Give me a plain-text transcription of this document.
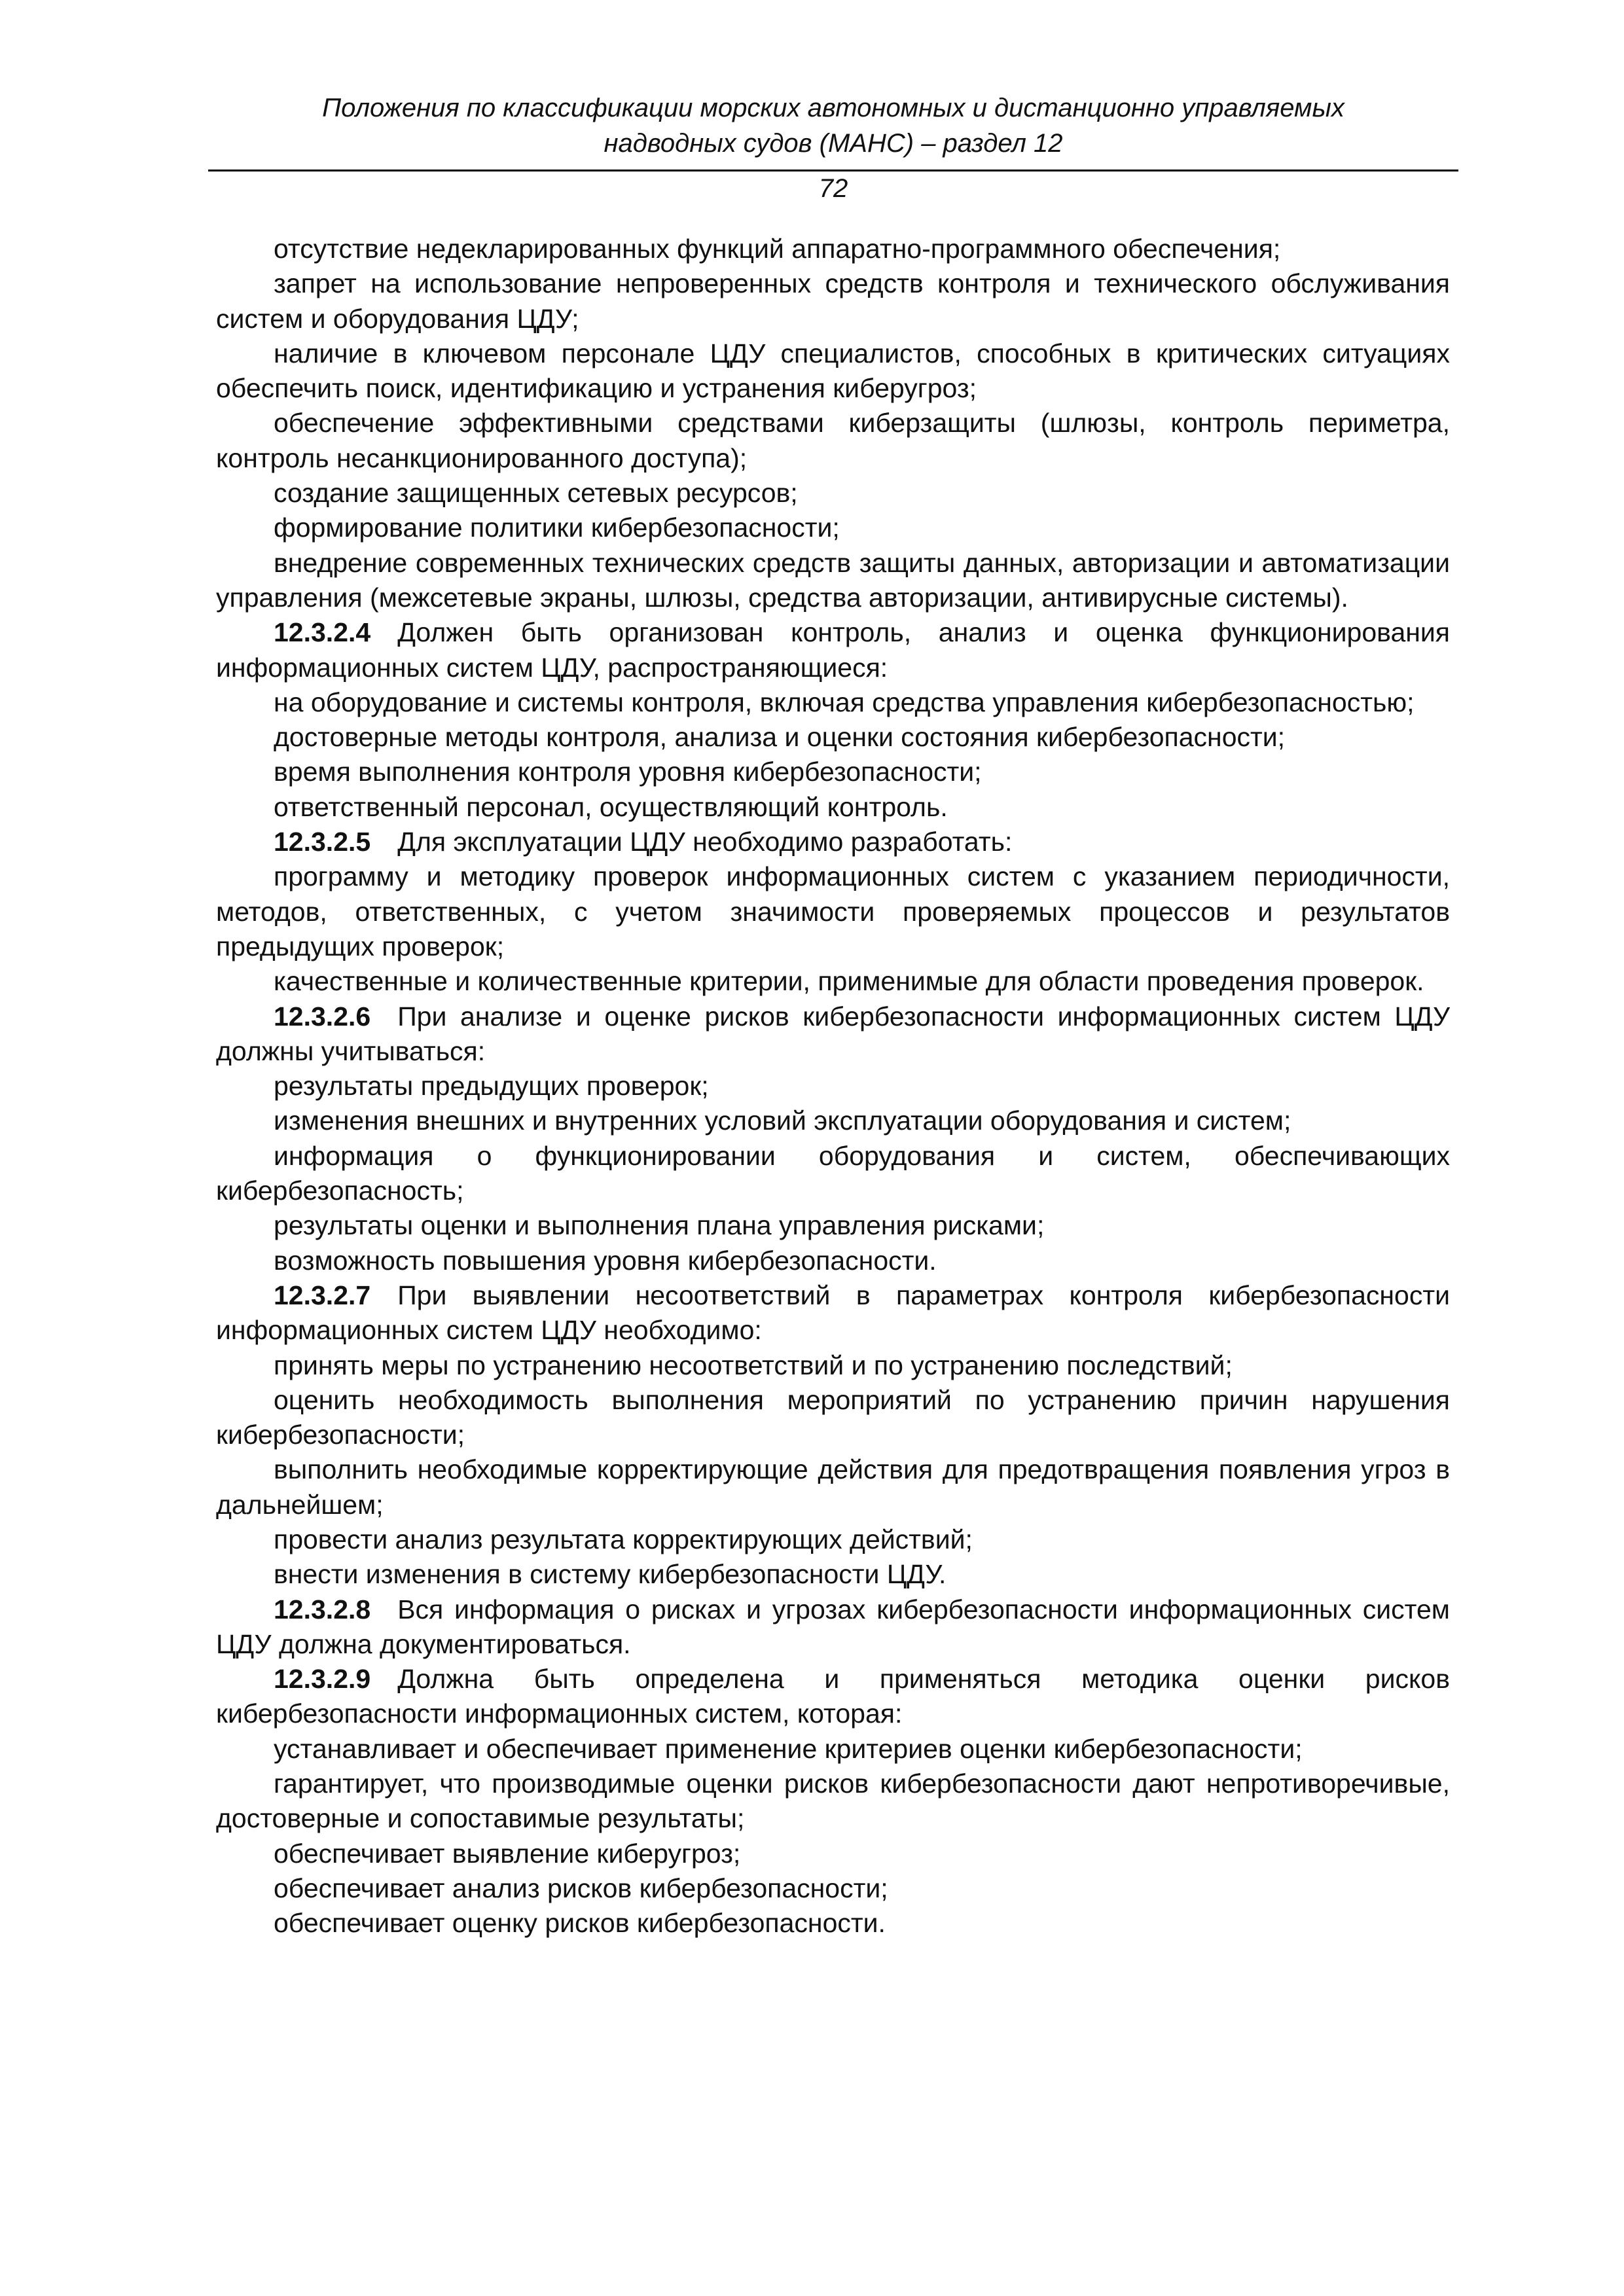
Положения по классификации морских автономных и дистанционно управляемых
надводных судов (МАНС) – раздел 12
72

отсутствие недекларированных функций аппаратно-программного обеспечения;

запрет на использование непроверенных средств контроля и технического обслуживания систем и оборудования ЦДУ;

наличие в ключевом персонале ЦДУ специалистов, способных в критических ситуациях обеспечить поиск, идентификацию и устранения киберугроз;

обеспечение эффективными средствами киберзащиты (шлюзы, контроль периметра, контроль несанкционированного доступа);

создание защищенных сетевых ресурсов;

формирование политики кибербезопасности;

внедрение современных технических средств защиты данных, авторизации и автоматизации управления (межсетевые экраны, шлюзы, средства авторизации, антивирусные системы).

12.3.2.4  Должен быть организован контроль, анализ и оценка функционирования информационных систем ЦДУ, распространяющиеся:

на оборудование и системы контроля, включая средства управления кибербезопасностью;

достоверные методы контроля, анализа и оценки состояния кибербезопасности;

время выполнения контроля уровня кибербезопасности;

ответственный персонал, осуществляющий контроль.

12.3.2.5  Для эксплуатации ЦДУ необходимо разработать:

программу и методику проверок информационных систем с указанием периодичности, методов, ответственных, с учетом значимости проверяемых процессов и результатов предыдущих проверок;

качественные и количественные критерии, применимые для области проведения проверок.

12.3.2.6  При анализе и оценке рисков кибербезопасности информационных систем ЦДУ должны учитываться:

результаты предыдущих проверок;

изменения внешних и внутренних условий эксплуатации оборудования и систем;

информация о функционировании оборудования и систем, обеспечивающих кибербезопасность;

результаты оценки и выполнения плана управления рисками;

возможность повышения уровня кибербезопасности.

12.3.2.7  При выявлении несоответствий в параметрах контроля кибербезопасности информационных систем ЦДУ необходимо:

принять меры по устранению несоответствий и по устранению последствий;

оценить необходимость выполнения мероприятий по устранению причин нарушения кибербезопасности;

выполнить необходимые корректирующие действия для предотвращения появления угроз в дальнейшем;

провести анализ результата корректирующих действий;

внести изменения в систему кибербезопасности ЦДУ.

12.3.2.8  Вся информация о рисках и угрозах кибербезопасности информационных систем ЦДУ должна документироваться.

12.3.2.9  Должна быть определена и применяться методика оценки рисков кибербезопасности информационных систем, которая:

устанавливает и обеспечивает применение критериев оценки кибербезопасности;

гарантирует, что производимые оценки рисков кибербезопасности дают непротиворечивые, достоверные и сопоставимые результаты;

обеспечивает выявление киберугроз;

обеспечивает анализ рисков кибербезопасности;

обеспечивает оценку рисков кибербезопасности.
